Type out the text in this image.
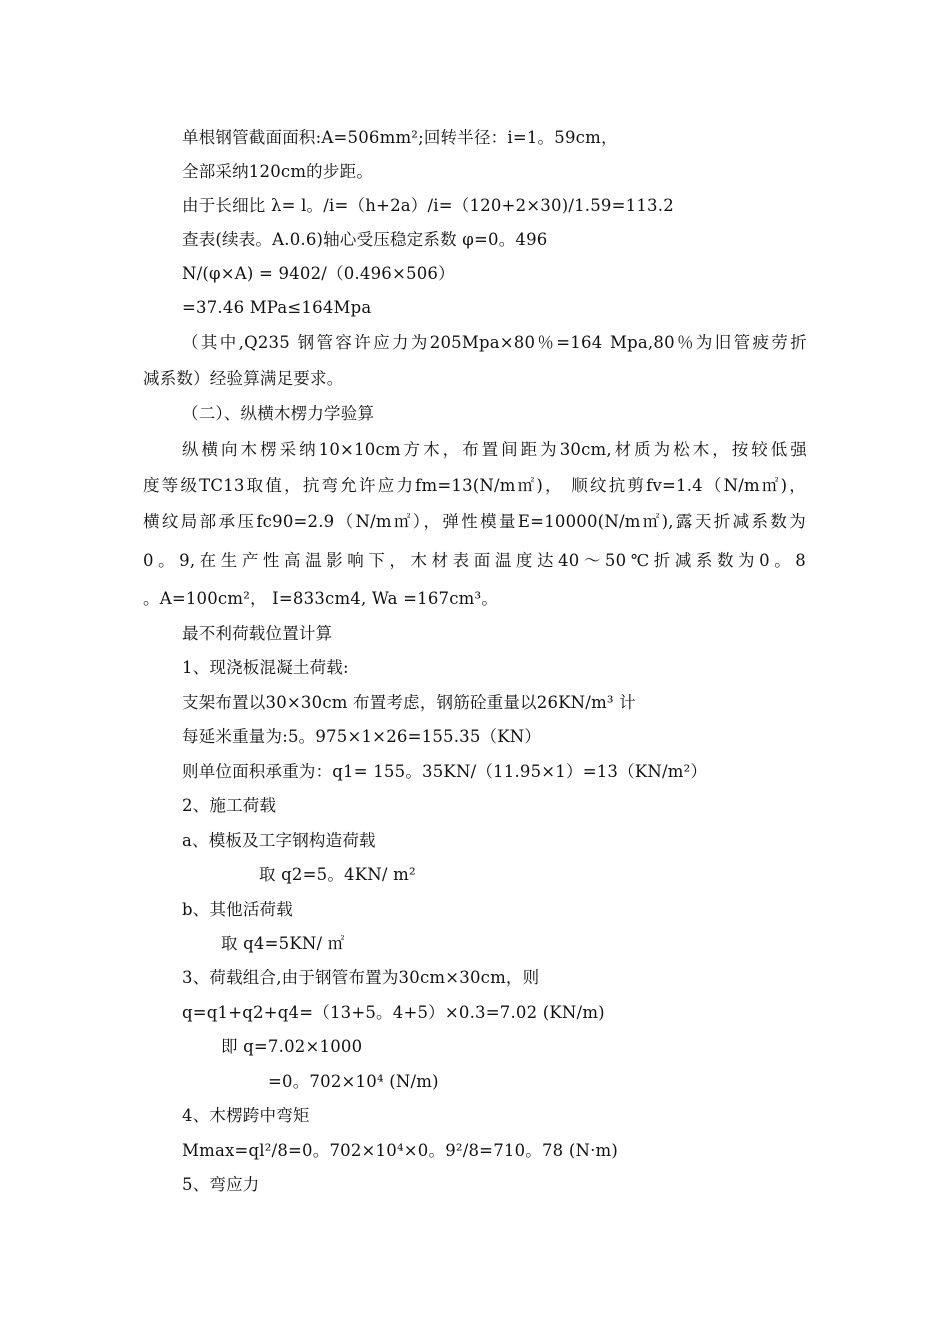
单根钢管截面面积:A=506mm²;回转半径：i=1。59cm，
全部采纳120cm的步距。
由于长细比 λ= l。/i=（h+2a）/i=（120+2×30)/1.59=113.2
查表(续表。A.0.6)轴心受压稳定系数 φ=0。496
N/(φ×A) = 9402/（0.496×506）
=37.46 MPa≤164Mpa
（其中,Q235 钢管容许应力为205Mpa×80％=164 Mpa,80％为旧管疲劳折
减系数）经验算满足要求。
（二）、纵横木楞力学验算
纵横向木楞采纳10×10cm方木，布置间距为30cm,材质为松木，按较低强
度等级TC13取值，抗弯允许应力fm=13(N/m㎡)， 顺纹抗剪fv=1.4（N/m㎡)，
横纹局部承压fc90=2.9（N/m㎡），弹性模量E=10000(N/m㎡),露天折减系数为
0。9,在生产性高温影响下，木材表面温度达40～50℃折减系数为0。8
。A=100cm²， I=833cm4, Wa =167cm³。
最不利荷载位置计算
1、现浇板混凝土荷载:
支架布置以30×30cm 布置考虑，钢筋砼重量以26KN/m³ 计
每延米重量为:5。975×1×26=155.35（KN）
则单位面积承重为：q1= 155。35KN/（11.95×1）=13（KN/m²）
2、施工荷载
a、模板及工字钢构造荷载
取 q2=5。4KN/ m²
b、其他活荷载
取 q4=5KN/ ㎡
3、荷载组合,由于钢管布置为30cm×30cm，则
q=q1+q2+q4=（13+5。4+5）×0.3=7.02 (KN/m)
即 q=7.02×1000
=0。702×10⁴ (N/m)
4、木楞跨中弯矩
Mmax=ql²/8=0。702×10⁴×0。9²/8=710。78 (N·m)
5、弯应力
